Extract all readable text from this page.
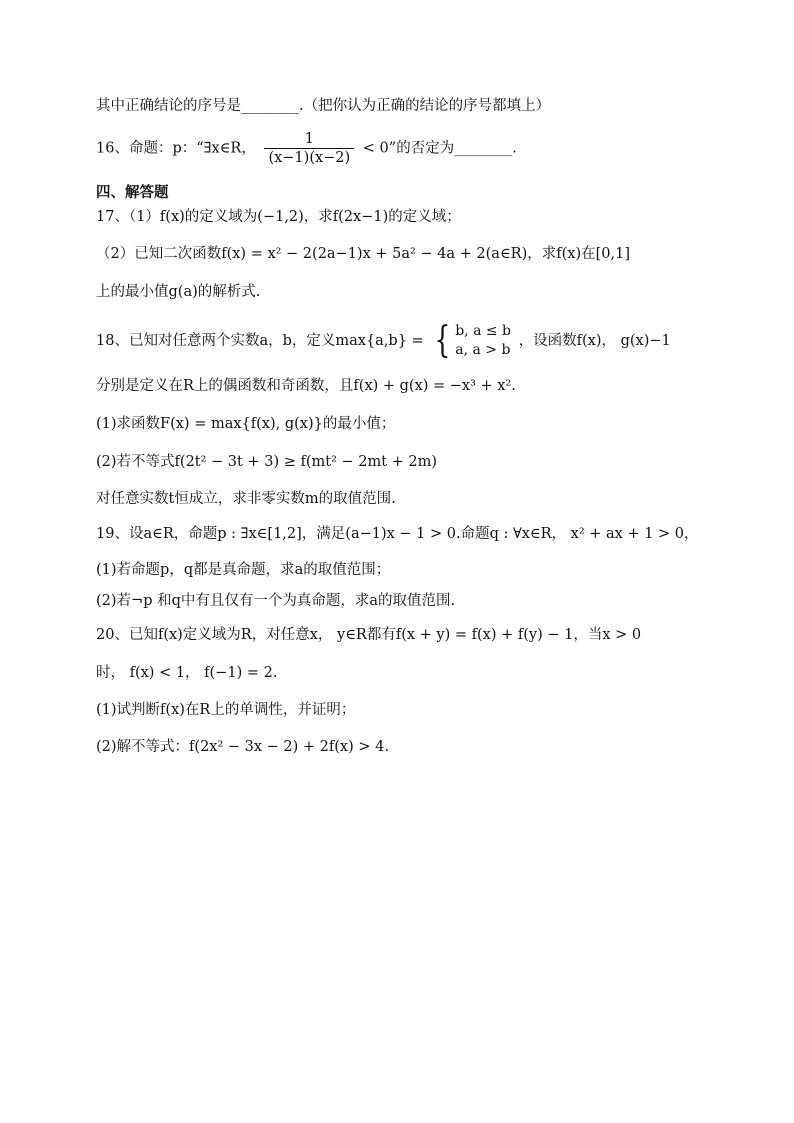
其中正确结论的序号是________.（把你认为正确的结论的序号都填上）
16、命题：p：“∃x∈R， $\frac{1}{(x-1)(x-2)} < 0$”的否定为________.
四、解答题
17、（1）f(x)的定义域为(−1,2)，求f(2x−1)的定义域；
（2）已知二次函数f(x) = x² − 2(2a−1)x + 5a² − 4a + 2(a∈R)，求f(x)在[0,1]
上的最小值g(a)的解析式.
18、已知对任意两个实数a，b，定义max{a,b} = { b, a ≤ b
a, a > b
，设函数f(x)， g(x)−1
分别是定义在R上的偶函数和奇函数，且f(x) + g(x) = −x³ + x².
(1)求函数F(x) = max{f(x), g(x)}的最小值；
(2)若不等式f(2t² − 3t + 3) ≥ f(mt² − 2mt + 2m)
对任意实数t恒成立，求非零实数m的取值范围.
19、设a∈R，命题p : ∃x∈[1,2]，满足(a−1)x − 1 > 0.命题q : ∀x∈R， x² + ax + 1 > 0，
(1)若命题p，q都是真命题，求a的取值范围；
(2)若¬p 和q中有且仅有一个为真命题，求a的取值范围.
20、已知f(x)定义域为R，对任意x， y∈R都有f(x + y) = f(x) + f(y) − 1，当x > 0
时， f(x) < 1， f(−1) = 2.
(1)试判断f(x)在R上的单调性，并证明；
(2)解不等式：f(2x² − 3x − 2) + 2f(x) > 4.
